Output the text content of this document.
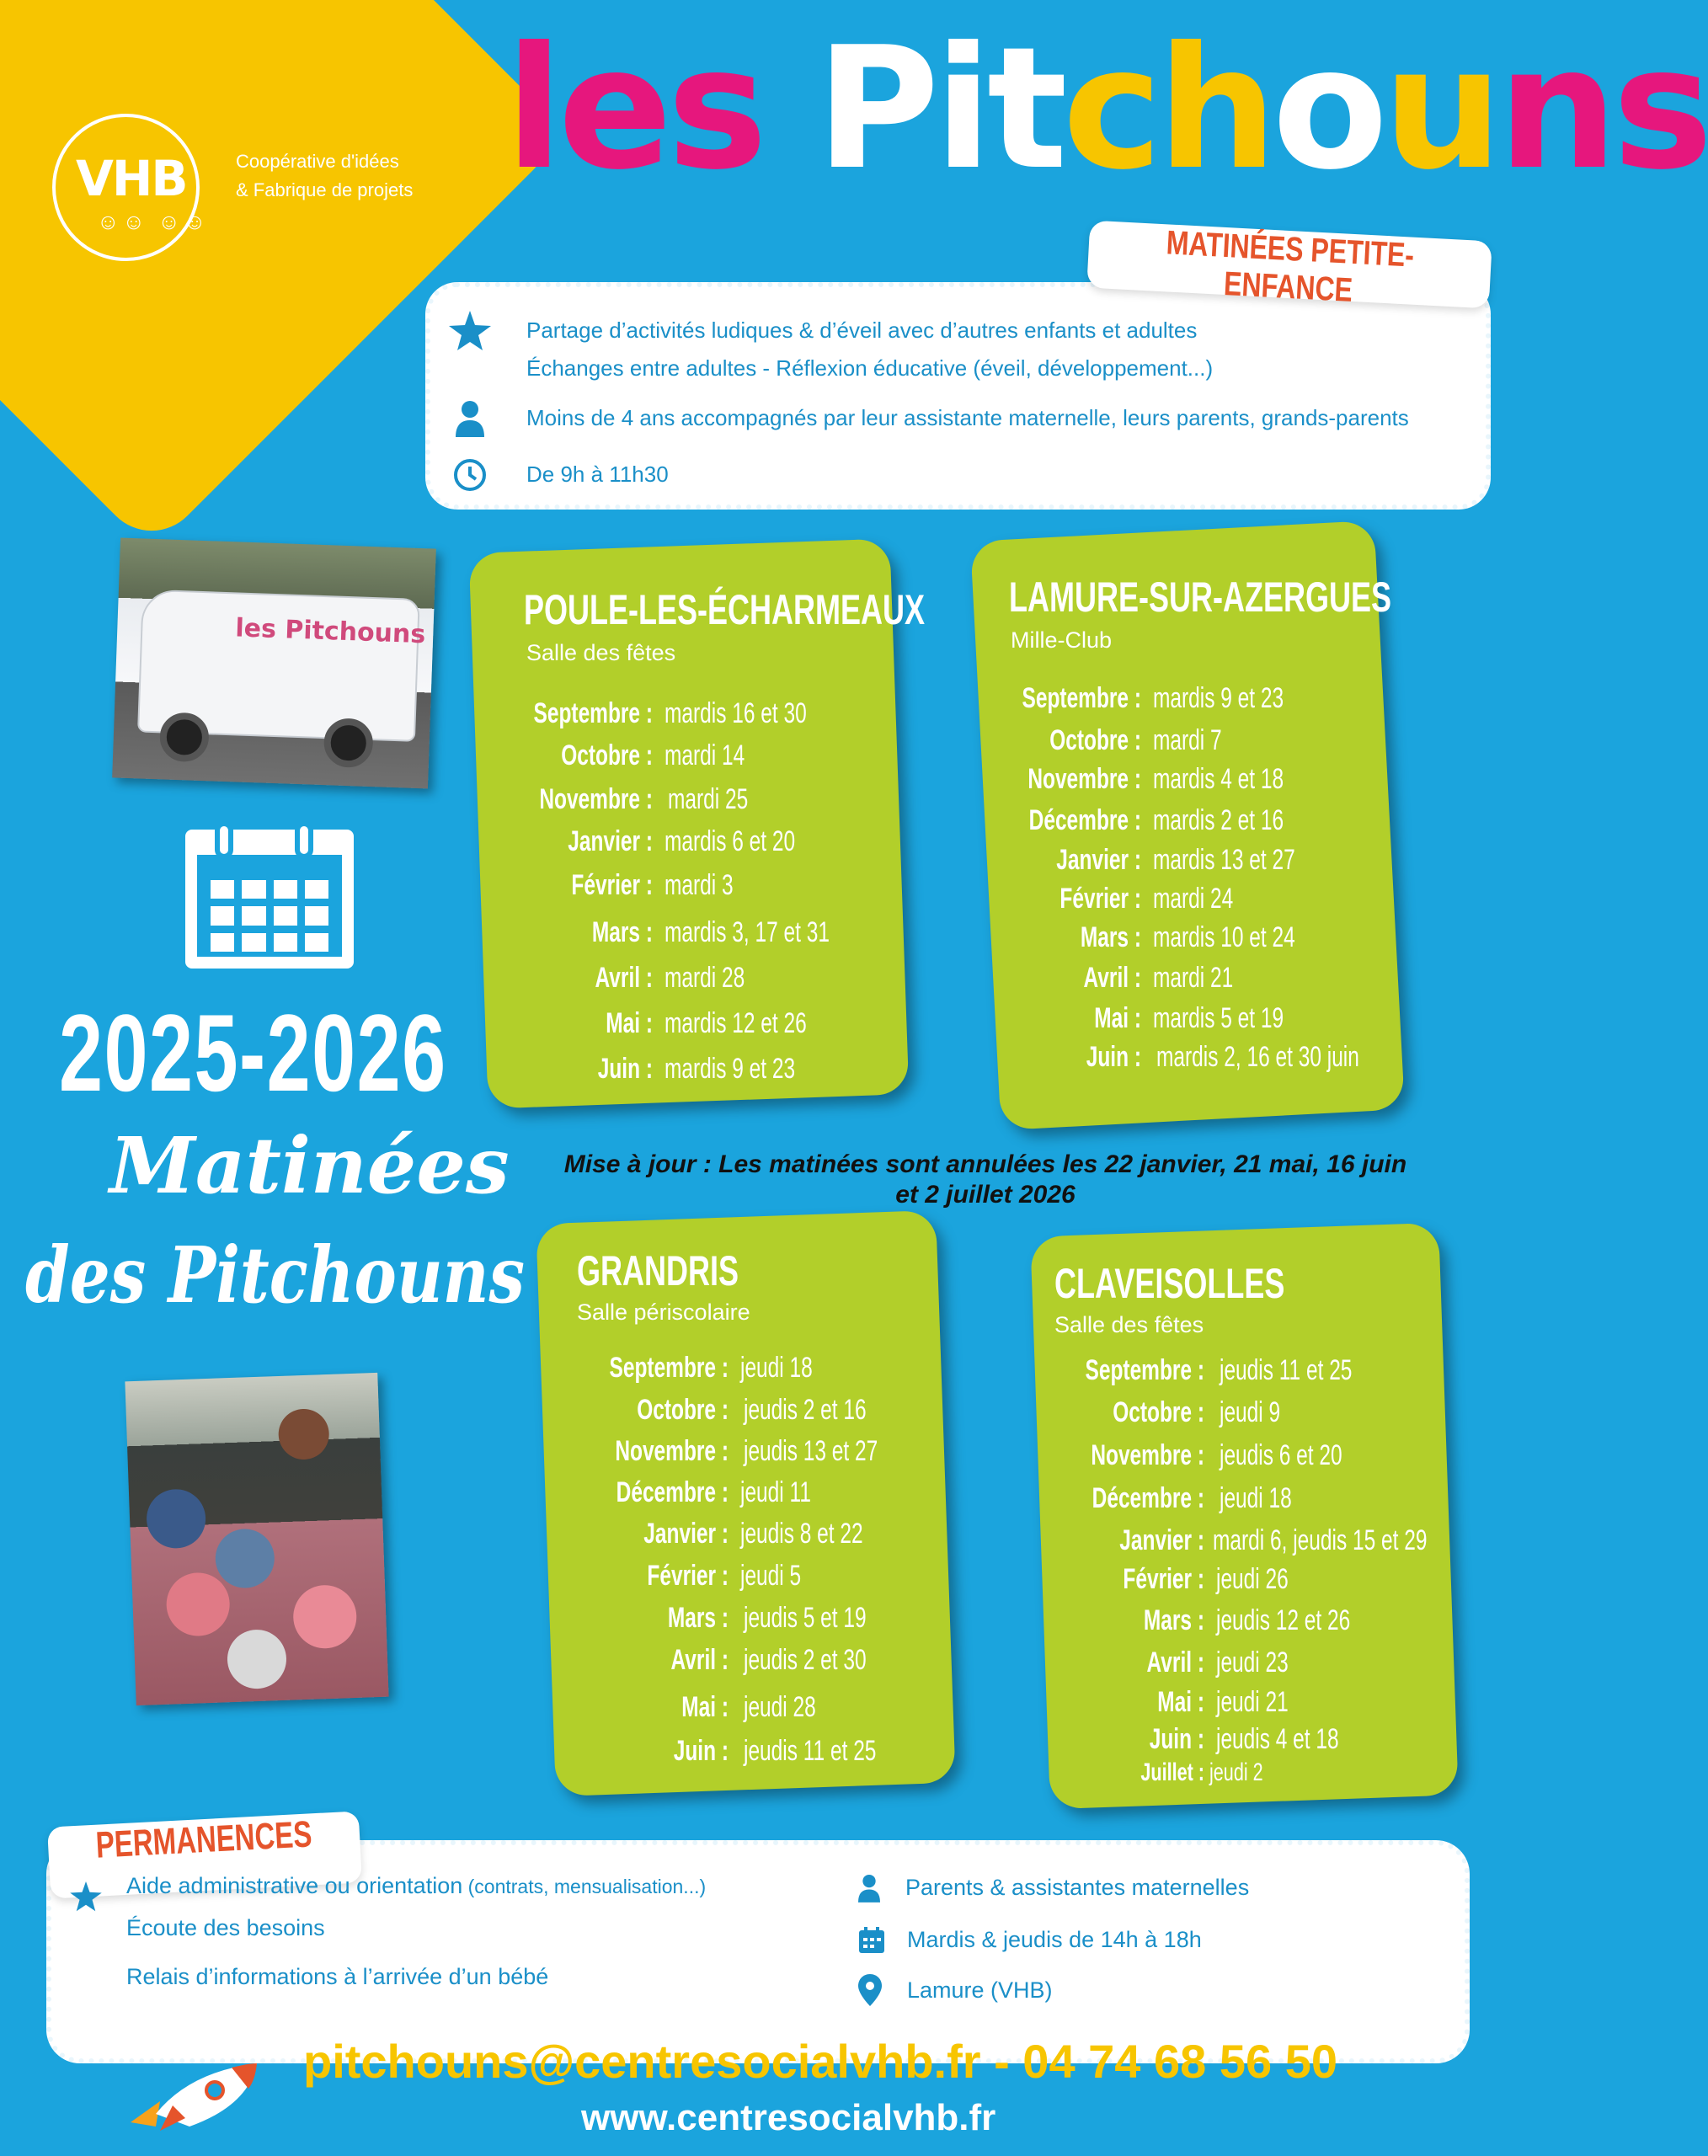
VHB
☺☺ ☺☺
Coopérative d'idées
& Fabrique de projets les Pitchouns
MATINÉES PETITE-ENFANCE
Partage d’activités ludiques & d’éveil avec d’autres enfants et adultes
Échanges entre adultes - Réflexion éducative (éveil, développement...)
Moins de 4 ans accompagnés par leur assistante maternelle, leurs parents, grands-parents
De 9h à 11h30
les Pitchouns
2025-2026
Matinées
des Pitchouns
POULE-LES-ÉCHARMEAUX
Salle des fêtes
Septembre : mardis 16 et 30
Octobre : mardi 14
Novembre : mardi 25
Janvier : mardis 6 et 20
Février : mardi 3
Mars : mardis 3, 17 et 31
Avril : mardi 28
Mai : mardis 12 et 26
Juin : mardis 9 et 23
LAMURE-SUR-AZERGUES
Mille-Club
Septembre : mardis 9 et 23
Octobre : mardi 7
Novembre : mardis 4 et 18
Décembre : mardis 2 et 16
Janvier : mardis 13 et 27
Février : mardi 24
Mars : mardis 10 et 24
Avril : mardi 21
Mai : mardis 5 et 19
Juin : mardis 2, 16 et 30 juin
Mise à jour : Les matinées sont annulées les 22 janvier, 21 mai, 16 juin
et 2 juillet 2026
GRANDRIS
Salle périscolaire
Septembre : jeudi 18
Octobre : jeudis 2 et 16
Novembre : jeudis 13 et 27
Décembre : jeudi 11
Janvier : jeudis 8 et 22
Février : jeudi 5
Mars : jeudis 5 et 19
Avril : jeudis 2 et 30
Mai : jeudi 28
Juin : jeudis 11 et 25
CLAVEISOLLES
Salle des fêtes
Septembre : jeudis 11 et 25
Octobre : jeudi 9
Novembre : jeudis 6 et 20
Décembre : jeudi 18
Janvier : mardi 6, jeudis 15 et 29
Février : jeudi 26
Mars : jeudis 12 et 26
Avril : jeudi 23
Mai : jeudi 21
Juin : jeudis 4 et 18
Juillet : jeudi 2
PERMANENCES
Aide administrative ou orientation (contrats, mensualisation...)
Écoute des besoins
Relais d’informations à l’arrivée d’un bébé
Parents & assistantes maternelles
Mardis & jeudis de 14h à 18h
Lamure (VHB)
pitchouns@centresocialvhb.fr - 04 74 68 56 50
www.centresocialvhb.fr
